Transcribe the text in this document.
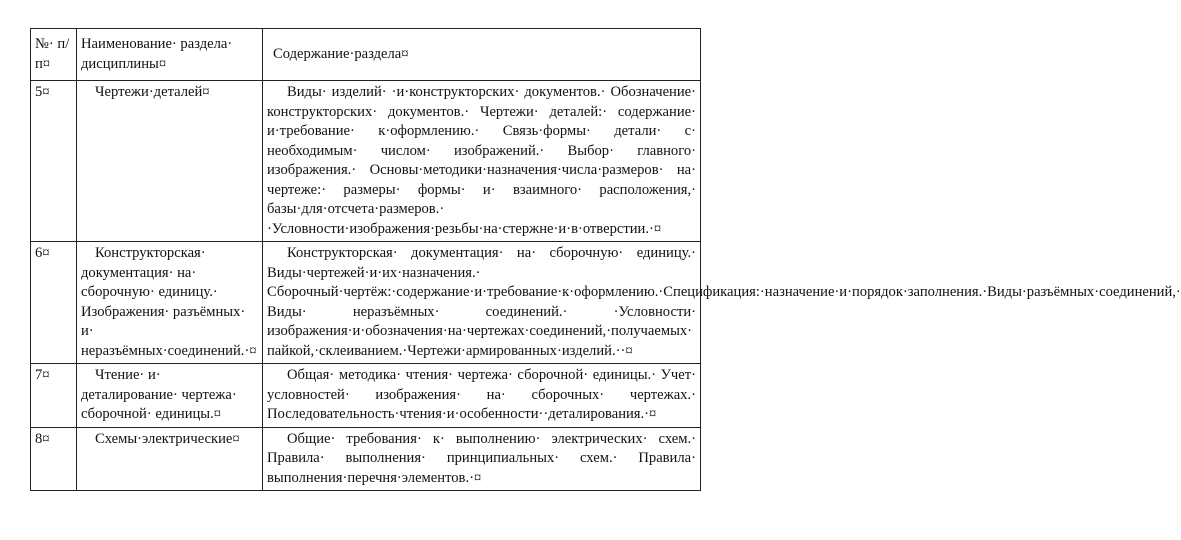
№· п/п¤	Наименование· раздела· дисциплины¤	Содержание·раздела¤
5¤	Чертежи·деталей¤	Виды· изделий· ·и·конструкторских· документов.· Обозначение· конструкторских· документов.· Чертежи· деталей:· содержание· и·требование· к·оформлению.· Связь·формы· детали· с· необходимым· числом· изображений.· Выбор· главного· изображения.· Основы·методики·назначения·числа·размеров· на· чертеже:· размеры· формы· и· взаимного· расположения,· базы·для·отсчета·размеров.· ·Условности·изображения·резьбы·на·стержне·и·в·отверстии.·¤
6¤	Конструкторская· документация· на· сборочную· единицу.· Изображения· разъёмных· и· неразъёмных·соединений.·¤	Конструкторская· документация· на· сборочную· единицу.· Виды·чертежей·и·их·назначения.· Сборочный·чертёж:·содержание·и·требование·к·оформлению.·Спецификация:·назначение·и·порядок·заполнения.·Виды·разъёмных·соединений,· Виды· неразъёмных· соединений.· ·Условности· изображения·и·обозначения·на·чертежах·соединений,·получаемых· пайкой,·склеиванием.·Чертежи·армированных·изделий.··¤
7¤	Чтение· и· деталирование· чертежа· сборочной· единицы.¤	Общая· методика· чтения· чертежа· сборочной· единицы.· Учет· условностей· изображения· на· сборочных· чертежах.· Последовательность·чтения·и·особенности··деталирования.·¤
8¤	Схемы·электрические¤	Общие· требования· к· выполнению· электрических· схем.· Правила· выполнения· принципиальных· схем.· Правила· выполнения·перечня·элементов.·¤
